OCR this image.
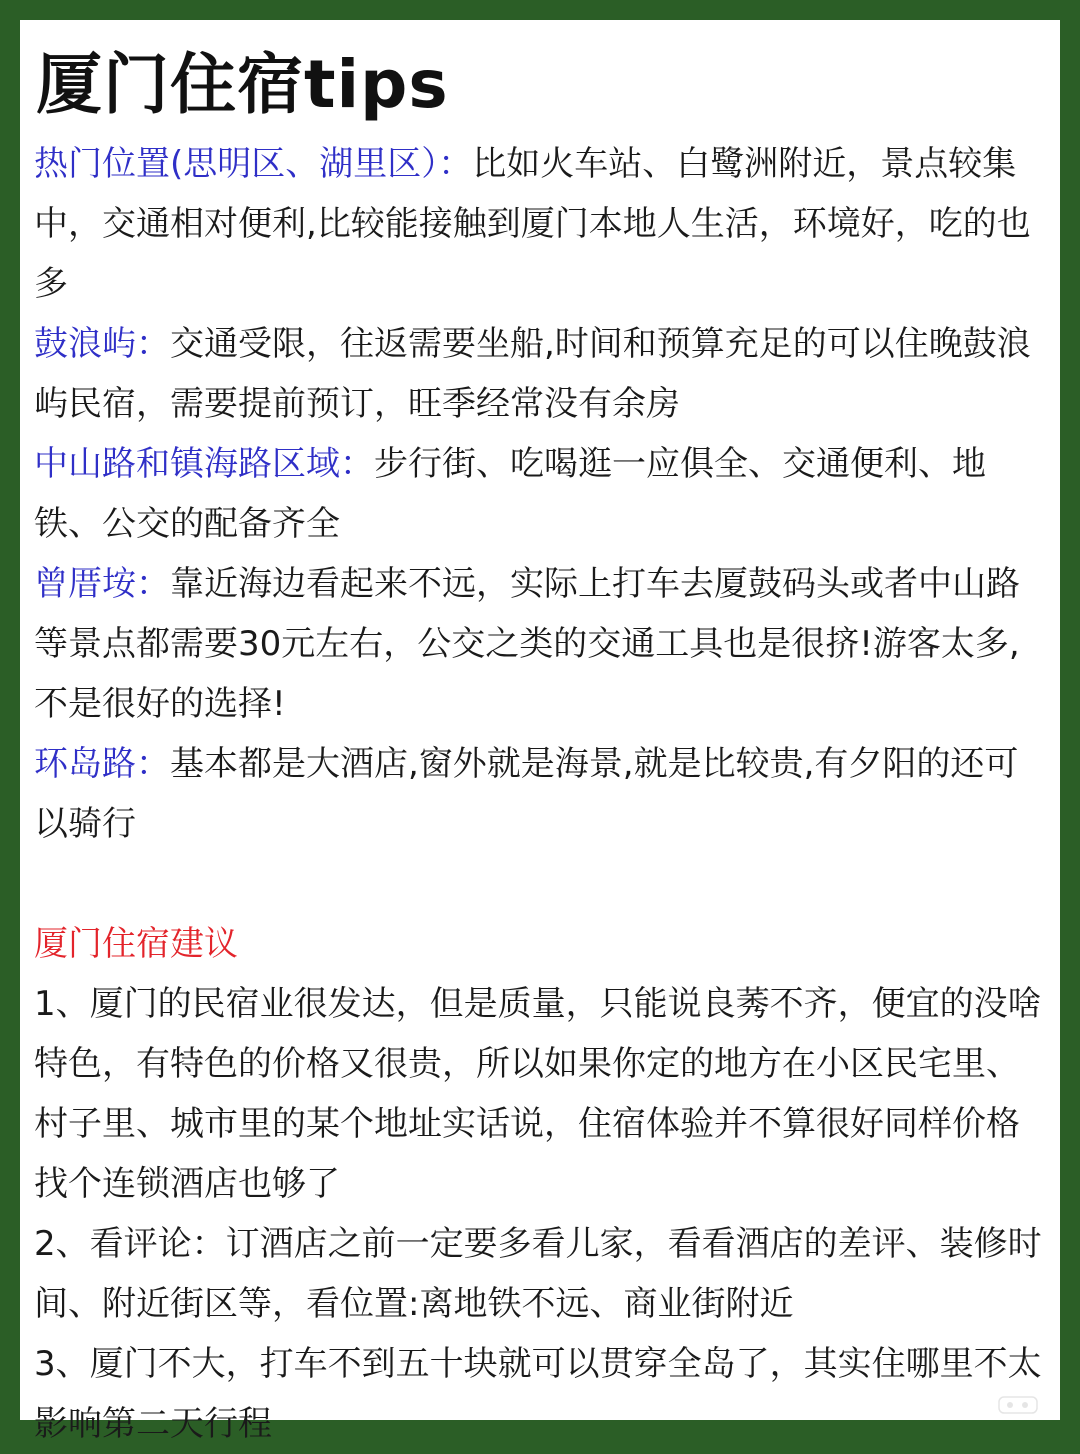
厦门住宿tips

热门位置(思明区、湖里区）：比如火车站、白鹭洲附近，景点较集中，交通相对便利,比较能接触到厦门本地人生活，环境好，吃的也多

鼓浪屿：交通受限，往返需要坐船,时间和预算充足的可以住晚鼓浪屿民宿，需要提前预订，旺季经常没有余房

中山路和镇海路区域：步行街、吃喝逛一应俱全、交通便利、地铁、公交的配备齐全

曾厝垵：靠近海边看起来不远，实际上打车去厦鼓码头或者中山路等景点都需要30元左右，公交之类的交通工具也是很挤!游客太多,不是很好的选择!

环岛路：基本都是大酒店,窗外就是海景,就是比较贵,有夕阳的还可以骑行

厦门住宿建议

1、厦门的民宿业很发达，但是质量，只能说良莠不齐，便宜的没啥特色，有特色的价格又很贵，所以如果你定的地方在小区民宅里、村子里、城市里的某个地址实话说，住宿体验并不算很好同样价格找个连锁酒店也够了

2、看评论：订酒店之前一定要多看儿家，看看酒店的差评、装修时间、附近街区等，看位置:离地铁不远、商业街附近

3、厦门不大，打车不到五十块就可以贯穿全岛了，其实住哪里不太影响第二天行程
